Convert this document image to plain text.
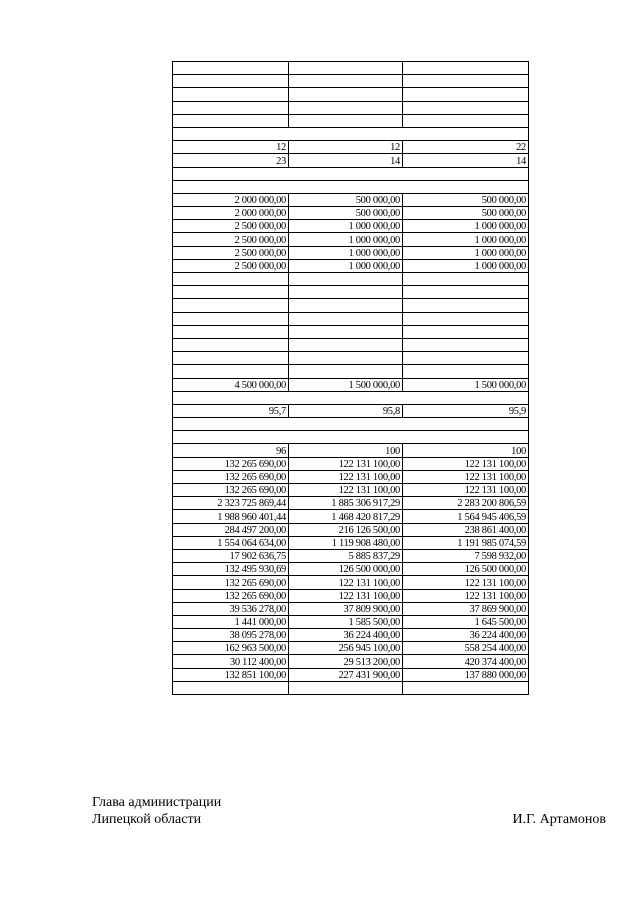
12	12	22
23	14	14

2 000 000,00	500 000,00	500 000,00
2 000 000,00	500 000,00	500 000,00
2 500 000,00	1 000 000,00	1 000 000,00
2 500 000,00	1 000 000,00	1 000 000,00
2 500 000,00	1 000 000,00	1 000 000,00
2 500 000,00	1 000 000,00	1 000 000,00

4 500 000,00	1 500 000,00	1 500 000,00

95,7	95,8	95,9

96	100	100
132 265 690,00	122 131 100,00	122 131 100,00
132 265 690,00	122 131 100,00	122 131 100,00
132 265 690,00	122 131 100,00	122 131 100,00
2 323 725 869,44	1 885 306 917,29	2 283 200 806,59
1 988 960 401,44	1 468 420 817,29	1 564 945 406,59
284 497 200,00	216 126 500,00	238 861 400,00
1 554 064 634,00	1 119 908 480,00	1 191 985 074,59
17 902 636,75	5 885 837,29	7 598 932,00
132 495 930,69	126 500 000,00	126 500 000,00
132 265 690,00	122 131 100,00	122 131 100,00
132 265 690,00	122 131 100,00	122 131 100,00
39 536 278,00	37 809 900,00	37 869 900,00
1 441 000,00	1 585 500,00	1 645 500,00
38 095 278,00	36 224 400,00	36 224 400,00
162 963 500,00	256 945 100,00	558 254 400,00
30 112 400,00	29 513 200,00	420 374 400,00
132 851 100,00	227 431 900,00	137 880 000,00

Глава администрации
Липецкой области	И.Г. Артамонов
